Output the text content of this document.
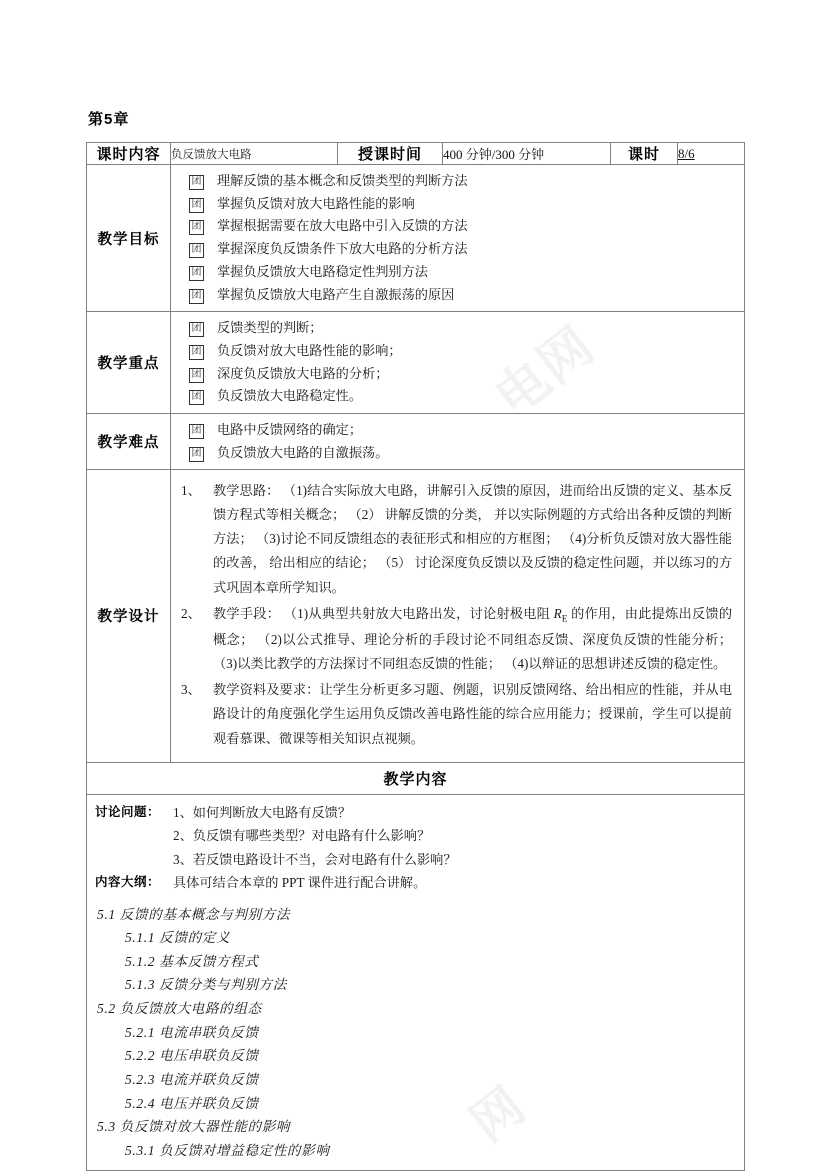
电网
网
第5章
课时内容	负反馈放大电路	授课时间	400 分钟/300 分钟	课时	8/6
教学目标	
团 理解反馈的基本概念和反馈类型的判断方法
团 掌握负反馈对放大电路性能的影响
团 掌握根据需要在放大电路中引入反馈的方法
团 掌握深度负反馈条件下放大电路的分析方法
团 掌握负反馈放大电路稳定性判别方法
团 掌握负反馈放大电路产生自激振荡的原因

教学重点	
团 反馈类型的判断；
团 负反馈对放大电路性能的影响；
团 深度负反馈放大电路的分析；
团 负反馈放大电路稳定性。

教学难点	
团 电路中反馈网络的确定；
团 负反馈放大电路的自激振荡。

教学设计	
1、 教学思路： （1)结合实际放大电路，讲解引入反馈的原因，进而给出反馈的定义、基本反馈方程式等相关概念； （2） 讲解反馈的分类， 并以实际例题的方式给出各种反馈的判断方法； （3)讨论不同反馈组态的表征形式和相应的方框图； （4)分析负反馈对放大器性能的改善， 给出相应的结论； （5） 讨论深度负反馈以及反馈的稳定性问题，并以练习的方式巩固本章所学知识。
2、 教学手段： （1)从典型共射放大电路出发，讨论射极电阻 $R_E$ 的作用，由此提炼出反馈的概念； （2)以公式推导、理论分析的手段讨论不同组态反馈、深度负反馈的性能分析； （3)以类比教学的方法探讨不同组态反馈的性能； （4)以辩证的思想讲述反馈的稳定性。
3、 教学资料及要求：让学生分析更多习题、例题，识别反馈网络、给出相应的性能，并从电路设计的角度强化学生运用负反馈改善电路性能的综合应用能力；授课前，学生可以提前观看慕课、微课等相关知识点视频。

教学内容					

讨论问题： 1、如何判断放大电路有反馈？
2、负反馈有哪些类型？对电路有什么影响？
3、若反馈电路设计不当，会对电路有什么影响？
内容大纲： 具体可结合本章的 PPT 课件进行配合讲解。
5.1 反馈的基本概念与判别方法
5.1.1 反馈的定义
5.1.2 基本反馈方程式
5.1.3 反馈分类与判别方法
5.2 负反馈放大电路的组态
5.2.1 电流串联负反馈
5.2.2 电压串联负反馈
5.2.3 电流并联负反馈
5.2.4 电压并联负反馈
5.3 负反馈对放大器性能的影响
5.3.1 负反馈对增益稳定性的影响
